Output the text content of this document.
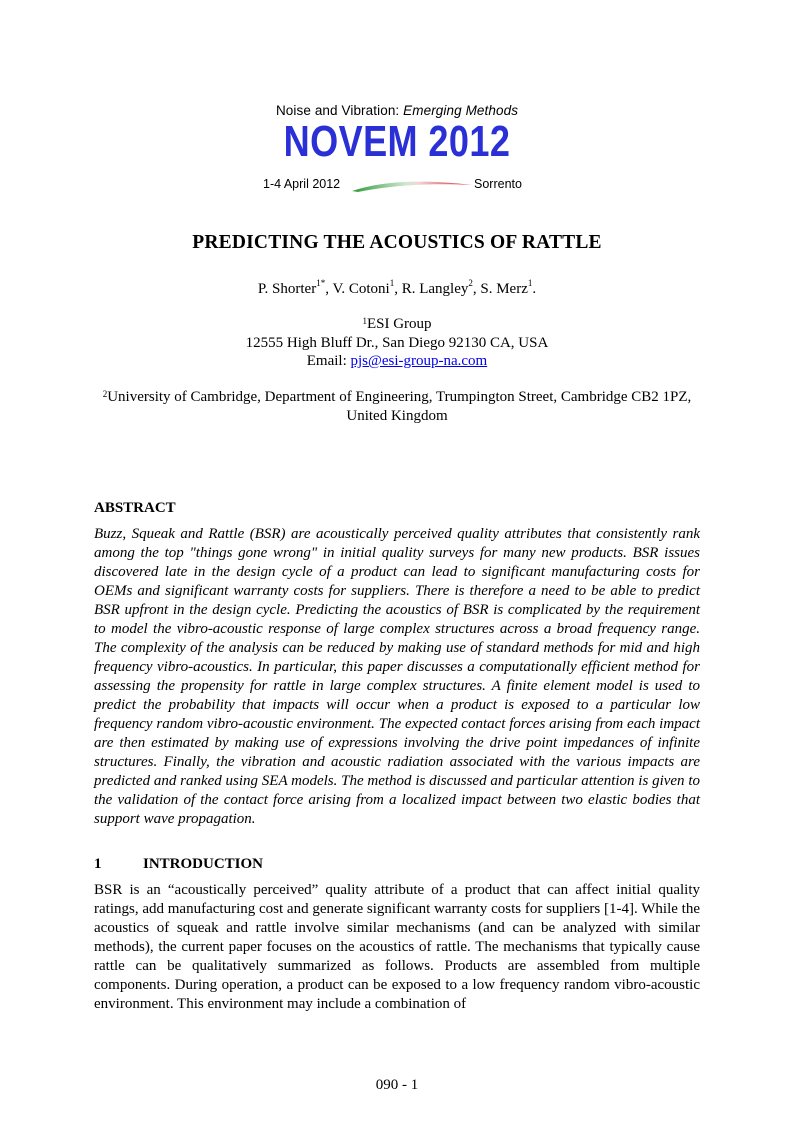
Noise and Vibration: Emerging Methods
NOVEM 2012
1-4 April 2012	Sorrento
PREDICTING THE ACOUSTICS OF RATTLE
P. Shorter$^{1*}$, V. Cotoni$^1$, R. Langley$^2$, S. Merz$^1$.
$^1$ESI Group
12555 High Bluff Dr., San Diego 92130 CA, USA
Email: pjs@esi-group-na.com
$^2$University of Cambridge, Department of Engineering, Trumpington Street, Cambridge CB2 1PZ, United Kingdom
ABSTRACT
Buzz, Squeak and Rattle (BSR) are acoustically perceived quality attributes that consistently rank among the top "things gone wrong" in initial quality surveys for many new products. BSR issues discovered late in the design cycle of a product can lead to significant manufacturing costs for OEMs and significant warranty costs for suppliers. There is therefore a need to be able to predict BSR upfront in the design cycle. Predicting the acoustics of BSR is complicated by the requirement to model the vibro-acoustic response of large complex structures across a broad frequency range. The complexity of the analysis can be reduced by making use of standard methods for mid and high frequency vibro-acoustics. In particular, this paper discusses a computationally efficient method for assessing the propensity for rattle in large complex structures. A finite element model is used to predict the probability that impacts will occur when a product is exposed to a particular low frequency random vibro-acoustic environment. The expected contact forces arising from each impact are then estimated by making use of expressions involving the drive point impedances of infinite structures. Finally, the vibration and acoustic radiation associated with the various impacts are predicted and ranked using SEA models. The method is discussed and particular attention is given to the validation of the contact force arising from a localized impact between two elastic bodies that support wave propagation.
1	INTRODUCTION
BSR is an “acoustically perceived” quality attribute of a product that can affect initial quality ratings, add manufacturing cost and generate significant warranty costs for suppliers [1-4]. While the acoustics of squeak and rattle involve similar mechanisms (and can be analyzed with similar methods), the current paper focuses on the acoustics of rattle. The mechanisms that typically cause rattle can be qualitatively summarized as follows. Products are assembled from multiple components. During operation, a product can be exposed to a low frequency random vibro-acoustic environment. This environment may include a combination of
090 - 1
